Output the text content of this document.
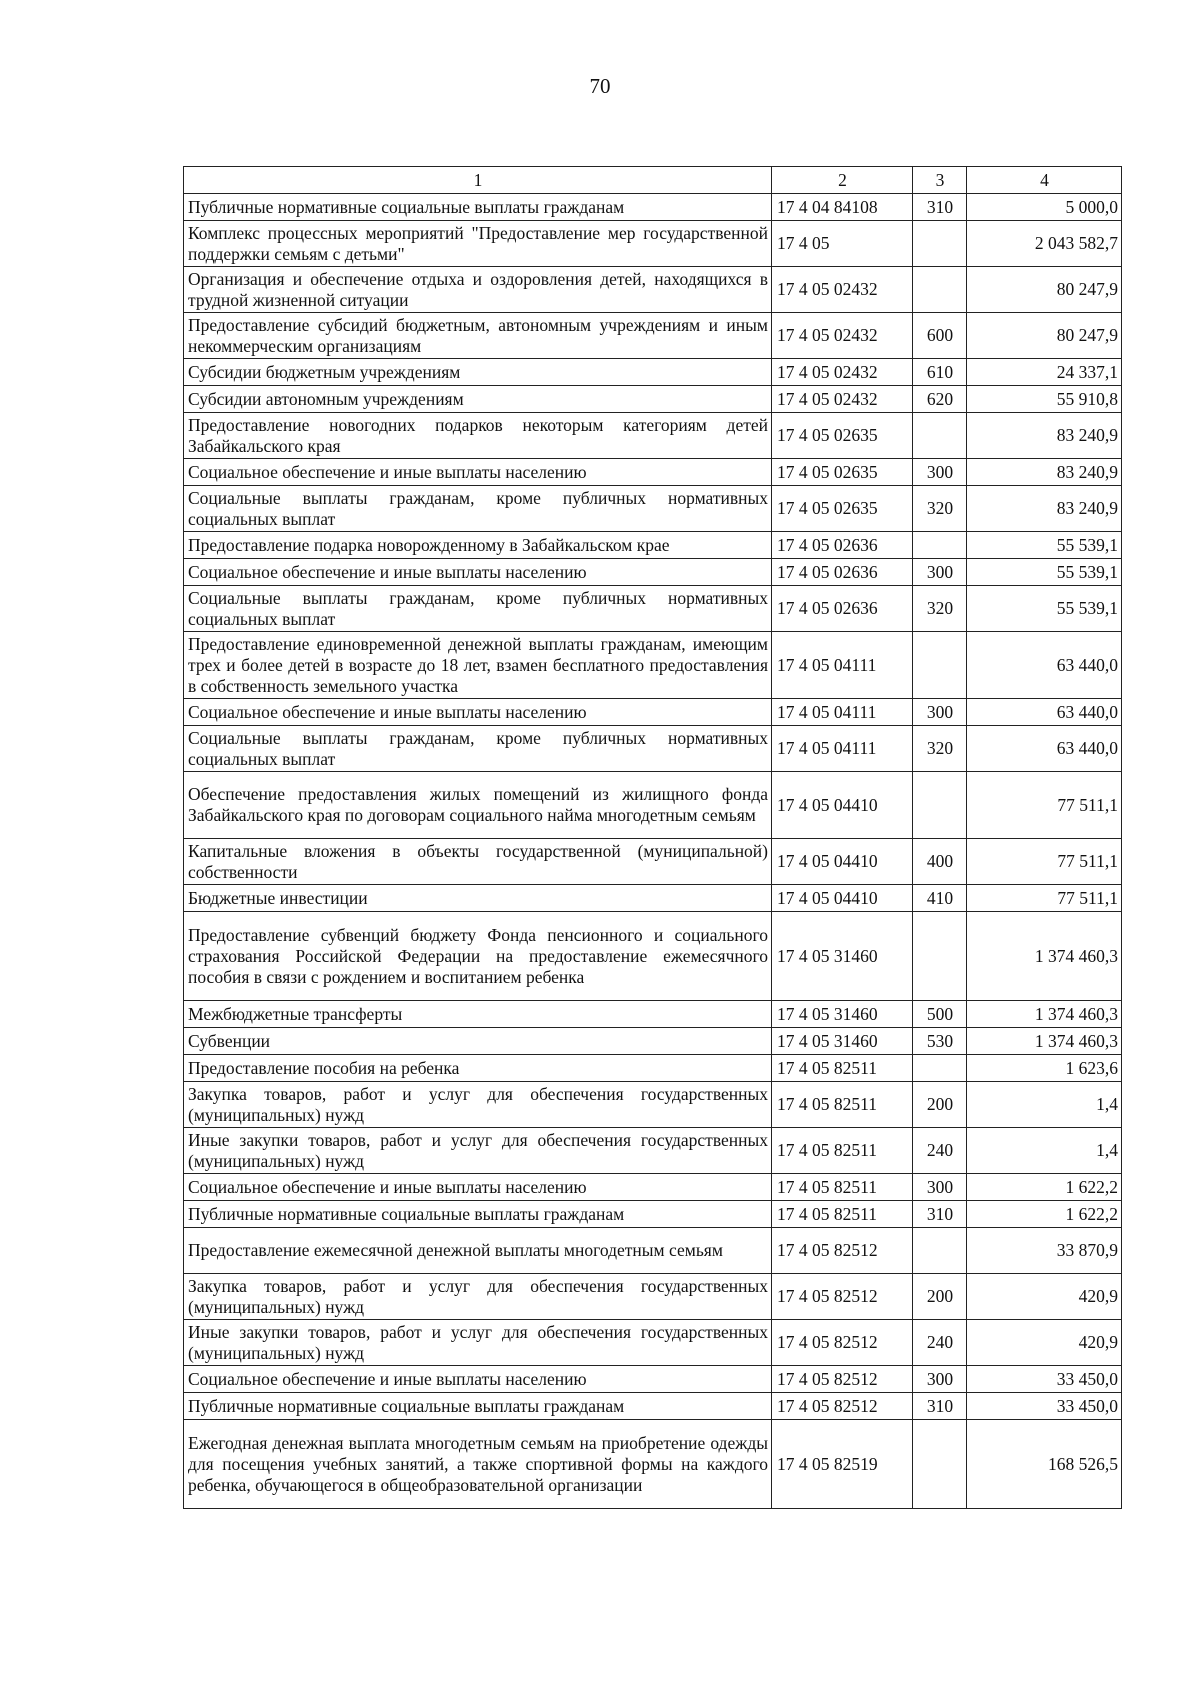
70
1	2	3	4
Публичные нормативные социальные выплаты гражданам	17 4 04 84108	310	5 000,0
Комплекс процессных мероприятий "Предоставление мер государственной поддержки семьям с детьми"	17 4 05		2 043 582,7
Организация и обеспечение отдыха и оздоровления детей, находящихся в трудной жизненной ситуации	17 4 05 02432		80 247,9
Предоставление субсидий бюджетным, автономным учреждениям и иным некоммерческим организациям	17 4 05 02432	600	80 247,9
Субсидии бюджетным учреждениям	17 4 05 02432	610	24 337,1
Субсидии автономным учреждениям	17 4 05 02432	620	55 910,8
Предоставление новогодних подарков некоторым категориям детей Забайкальского края	17 4 05 02635		83 240,9
Социальное обеспечение и иные выплаты населению	17 4 05 02635	300	83 240,9
Социальные выплаты гражданам, кроме публичных нормативных социальных выплат	17 4 05 02635	320	83 240,9
Предоставление подарка новорожденному в Забайкальском крае	17 4 05 02636		55 539,1
Социальное обеспечение и иные выплаты населению	17 4 05 02636	300	55 539,1
Социальные выплаты гражданам, кроме публичных нормативных социальных выплат	17 4 05 02636	320	55 539,1
Предоставление единовременной денежной выплаты гражданам, имеющим трех и более детей в возрасте до 18 лет, взамен бесплатного предоставления в собственность земельного участка	17 4 05 04111		63 440,0
Социальное обеспечение и иные выплаты населению	17 4 05 04111	300	63 440,0
Социальные выплаты гражданам, кроме публичных нормативных социальных выплат	17 4 05 04111	320	63 440,0
Обеспечение предоставления жилых помещений из жилищного фонда Забайкальского края по договорам социального найма многодетным семьям	17 4 05 04410		77 511,1
Капитальные вложения в объекты государственной (муниципальной) собственности	17 4 05 04410	400	77 511,1
Бюджетные инвестиции	17 4 05 04410	410	77 511,1
Предоставление субвенций бюджету Фонда пенсионного и социального страхования Российской Федерации на предоставление ежемесячного пособия в связи с рождением и воспитанием ребенка	17 4 05 31460		1 374 460,3
Межбюджетные трансферты	17 4 05 31460	500	1 374 460,3
Субвенции	17 4 05 31460	530	1 374 460,3
Предоставление пособия на ребенка	17 4 05 82511		1 623,6
Закупка товаров, работ и услуг для обеспечения государственных (муниципальных) нужд	17 4 05 82511	200	1,4
Иные закупки товаров, работ и услуг для обеспечения государственных (муниципальных) нужд	17 4 05 82511	240	1,4
Социальное обеспечение и иные выплаты населению	17 4 05 82511	300	1 622,2
Публичные нормативные социальные выплаты гражданам	17 4 05 82511	310	1 622,2
Предоставление ежемесячной денежной выплаты многодетным семьям	17 4 05 82512		33 870,9
Закупка товаров, работ и услуг для обеспечения государственных (муниципальных) нужд	17 4 05 82512	200	420,9
Иные закупки товаров, работ и услуг для обеспечения государственных (муниципальных) нужд	17 4 05 82512	240	420,9
Социальное обеспечение и иные выплаты населению	17 4 05 82512	300	33 450,0
Публичные нормативные социальные выплаты гражданам	17 4 05 82512	310	33 450,0
Ежегодная денежная выплата многодетным семьям на приобретение одежды для посещения учебных занятий, а также спортивной формы на каждого ребенка, обучающегося в общеобразовательной организации	17 4 05 82519		168 526,5
